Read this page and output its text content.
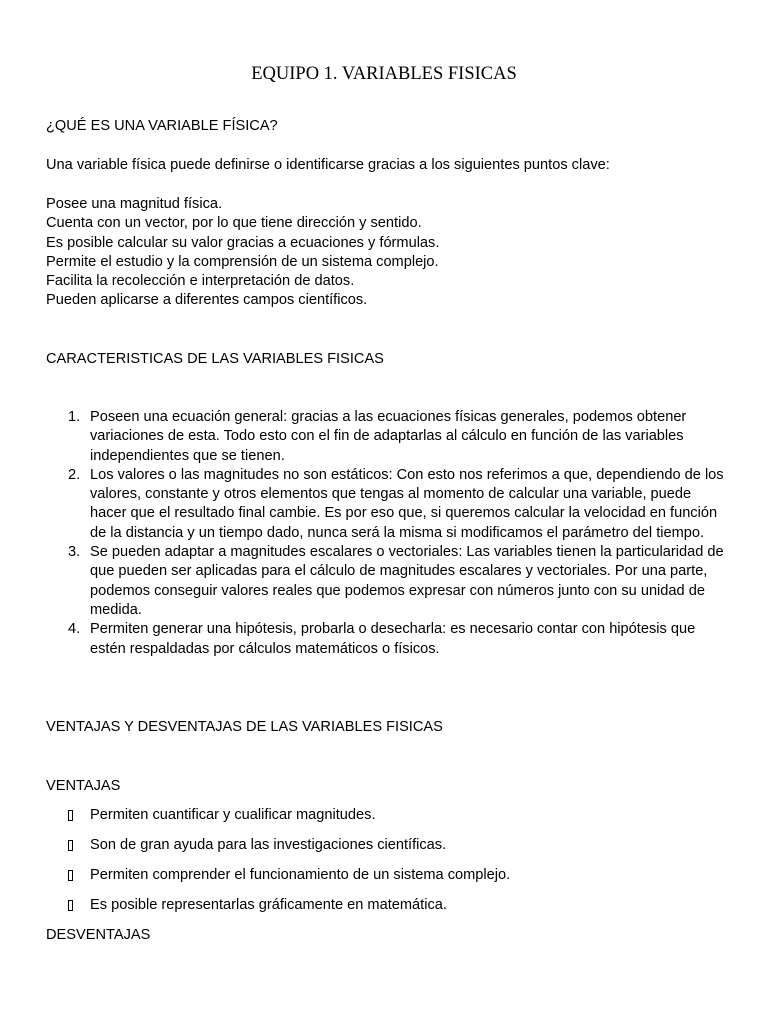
EQUIPO 1. VARIABLES FISICAS
¿QUÉ ES UNA VARIABLE FÍSICA?
Una variable física puede definirse o identificarse gracias a los siguientes puntos clave:

Posee una magnitud física.

Cuenta con un vector, por lo que tiene dirección y sentido.

Es posible calcular su valor gracias a ecuaciones y fórmulas.

Permite el estudio y la comprensión de un sistema complejo.

Facilita la recolección e interpretación de datos.

Pueden aplicarse a diferentes campos científicos.

CARACTERISTICAS DE LAS VARIABLES FISICAS
1. Poseen una ecuación general: gracias a las ecuaciones físicas generales, podemos obtener variaciones de esta. Todo esto con el fin de adaptarlas al cálculo en función de las variables independientes que se tienen.
2. Los valores o las magnitudes no son estáticos: Con esto nos referimos a que, dependiendo de los valores, constante y otros elementos que tengas al momento de calcular una variable, puede hacer que el resultado final cambie. Es por eso que, si queremos calcular la velocidad en función de la distancia y un tiempo dado, nunca será la misma si modificamos el parámetro del tiempo.
3. Se pueden adaptar a magnitudes escalares o vectoriales: Las variables tienen la particularidad de que pueden ser aplicadas para el cálculo de magnitudes escalares y vectoriales. Por una parte, podemos conseguir valores reales que podemos expresar con números junto con su unidad de medida.
4. Permiten generar una hipótesis, probarla o desecharla: es necesario contar con hipótesis que estén respaldadas por cálculos matemáticos o físicos.
VENTAJAS Y DESVENTAJAS DE LAS VARIABLES FISICAS
VENTAJAS
Permiten cuantificar y cualificar magnitudes.
Son de gran ayuda para las investigaciones científicas.
Permiten comprender el funcionamiento de un sistema complejo.
Es posible representarlas gráficamente en matemática.
DESVENTAJAS
